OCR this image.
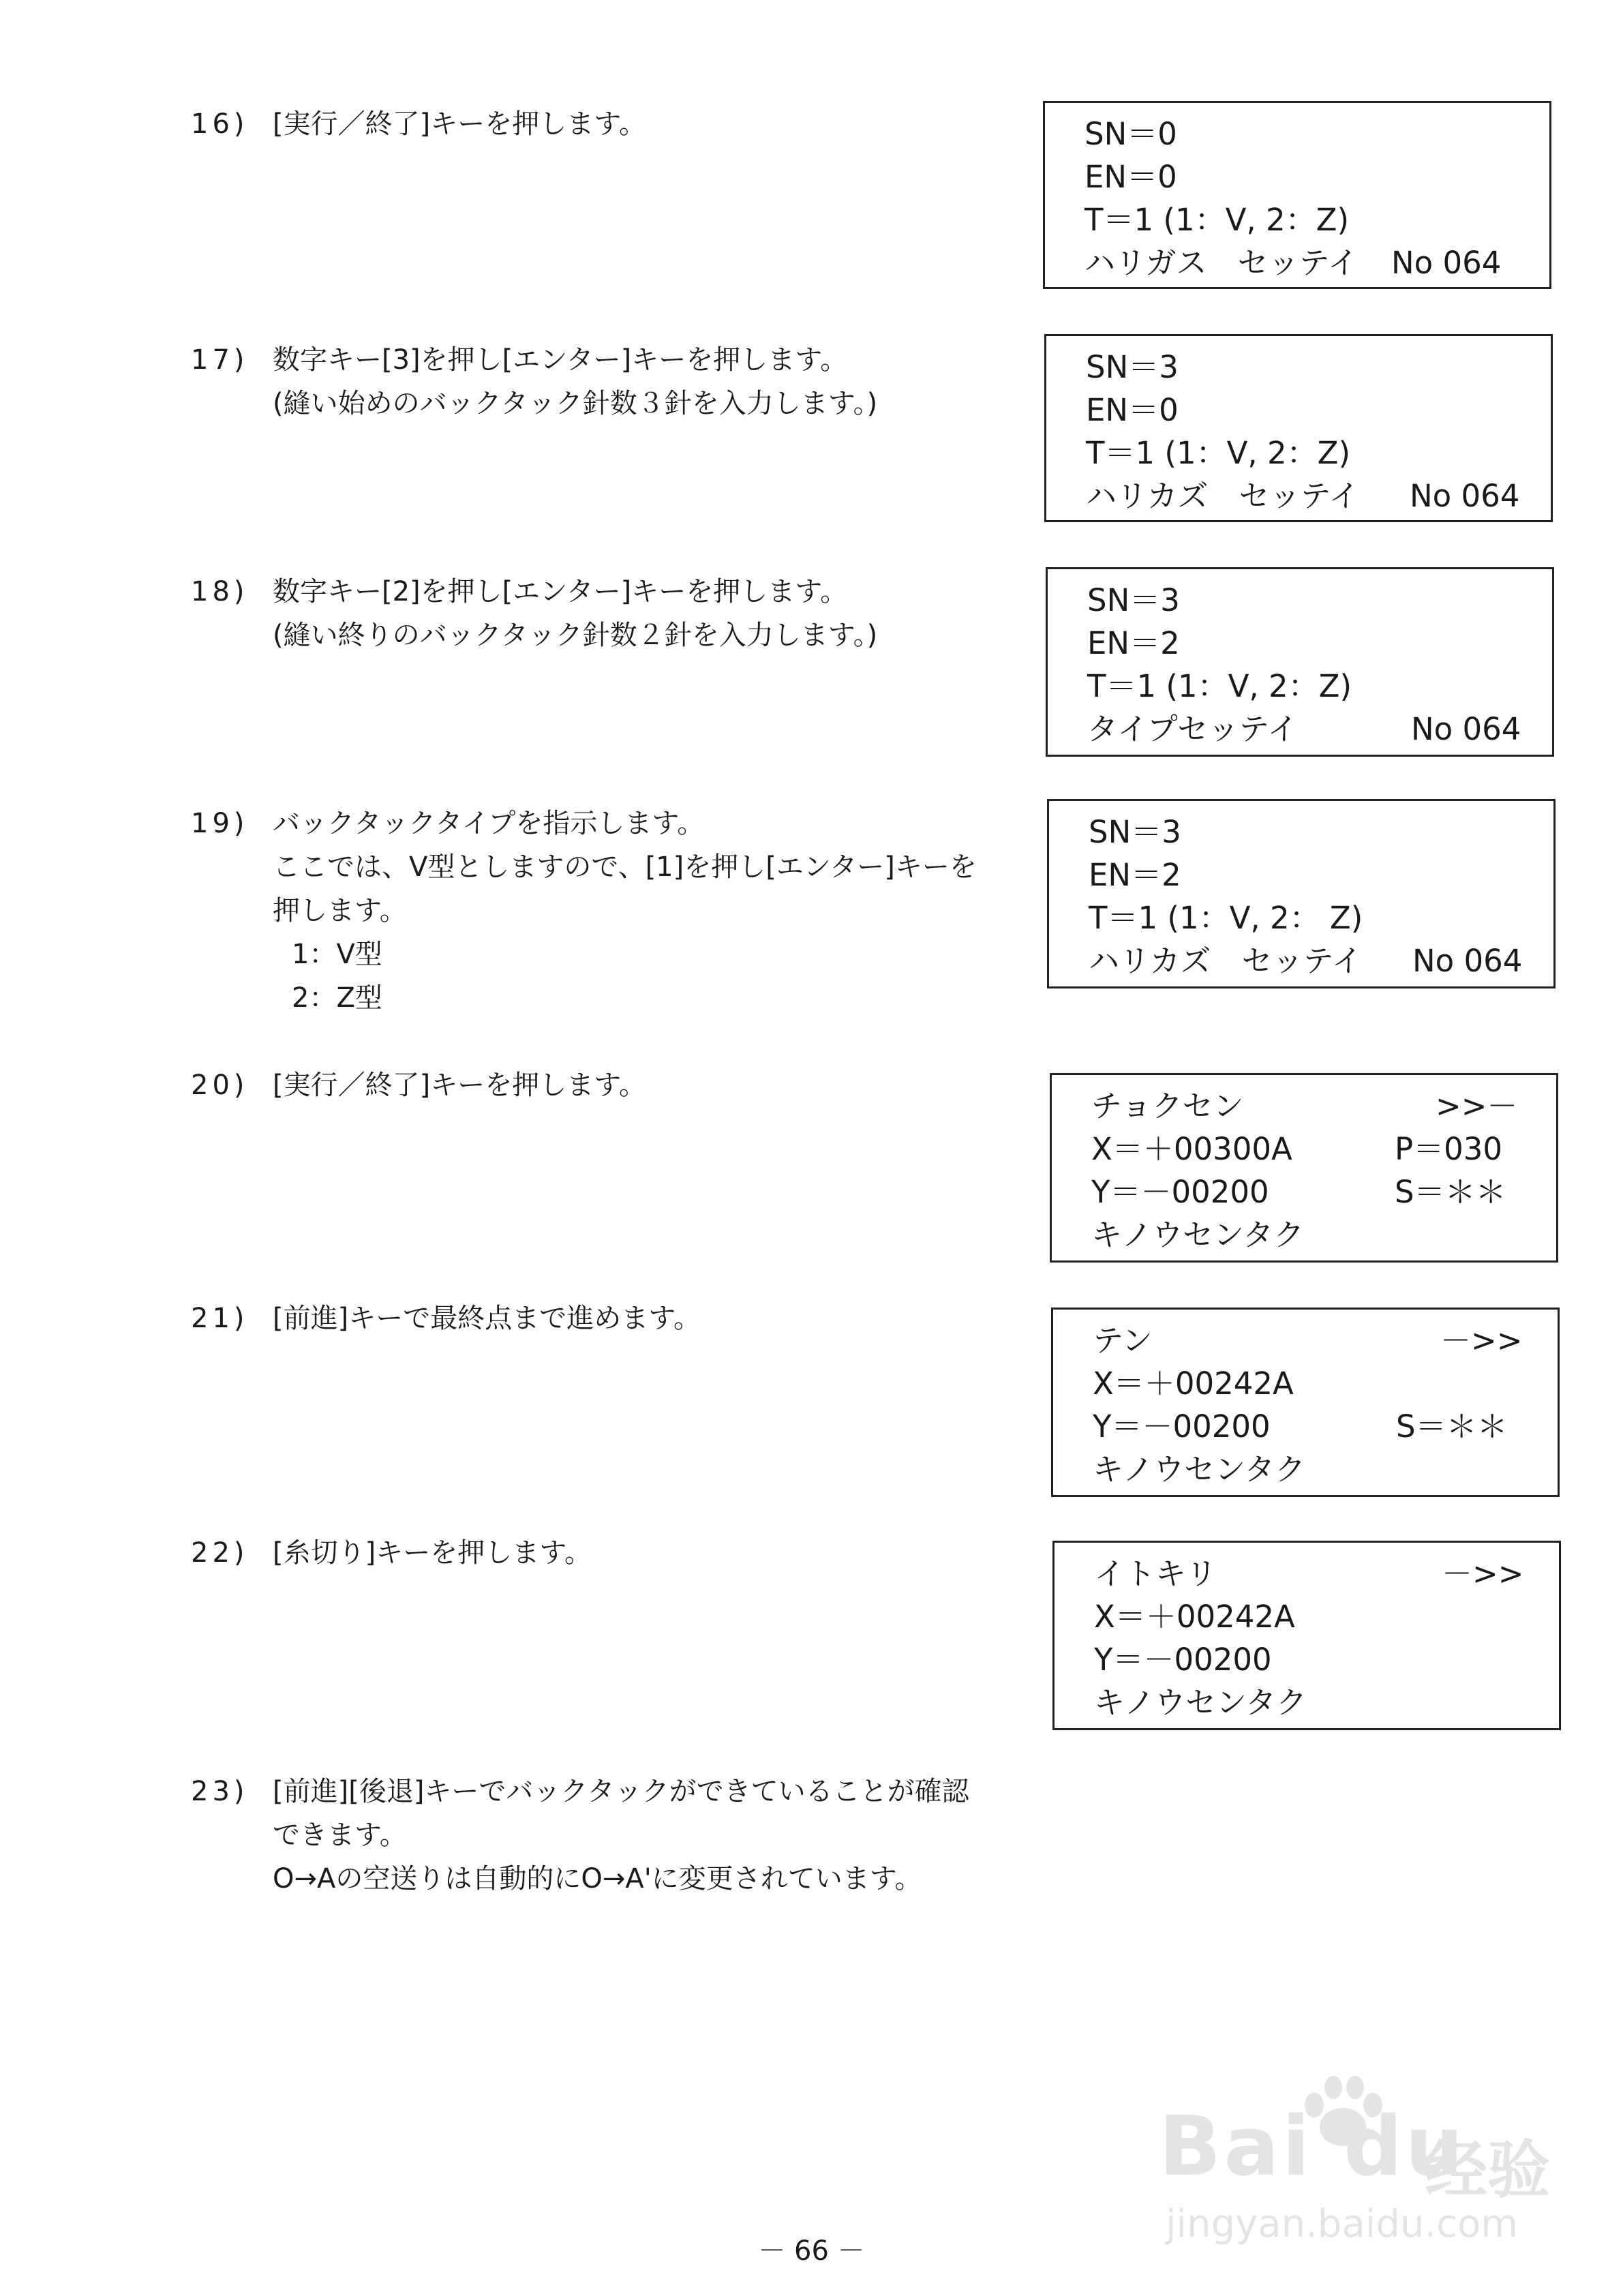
16) [実行／終了]キーを押します。
17) 数字キー[3]を押し[エンター]キーを押します。
(縫い始めのバックタック針数３針を入力します。)
18) 数字キー[2]を押し[エンター]キーを押します。
(縫い終りのバックタック針数２針を入力します。)
19) バックタックタイプを指示します。
ここでは、V型としますので、[1]を押し[エンター]キーを
押します。
1：V型
2：Z型
20) [実行／終了]キーを押します。
21) [前進]キーで最終点まで進めます。
22) [糸切り]キーを押します。
23) [前進][後退]キーでバックタックができていることが確認
できます。
O→Aの空送りは自動的にO→A'に変更されています。
SN＝0
EN＝0
T＝1 (1：V, 2：Z)
ハリガス　セッテイ No 064
SN＝3
EN＝0
T＝1 (1：V, 2：Z)
ハリカズ　セッテイ No 064
SN＝3
EN＝2
T＝1 (1：V, 2：Z)
タイプセッテイ	No 064
SN＝3
EN＝2
T＝1 (1：V, 2： Z)
ハリカズ　セッテイ No 064
チョクセン	>>－
X＝＋00300A	P＝030
Y＝－00200	S＝＊＊
キノウセンタク
テン	－>>
X＝＋00242A
Y＝－00200	S＝＊＊
キノウセンタク
イトキリ	－>>
X＝＋00242A
Y＝－00200
キノウセンタク
－ 66 －
Bai du
经验
jingyan.baidu.com
